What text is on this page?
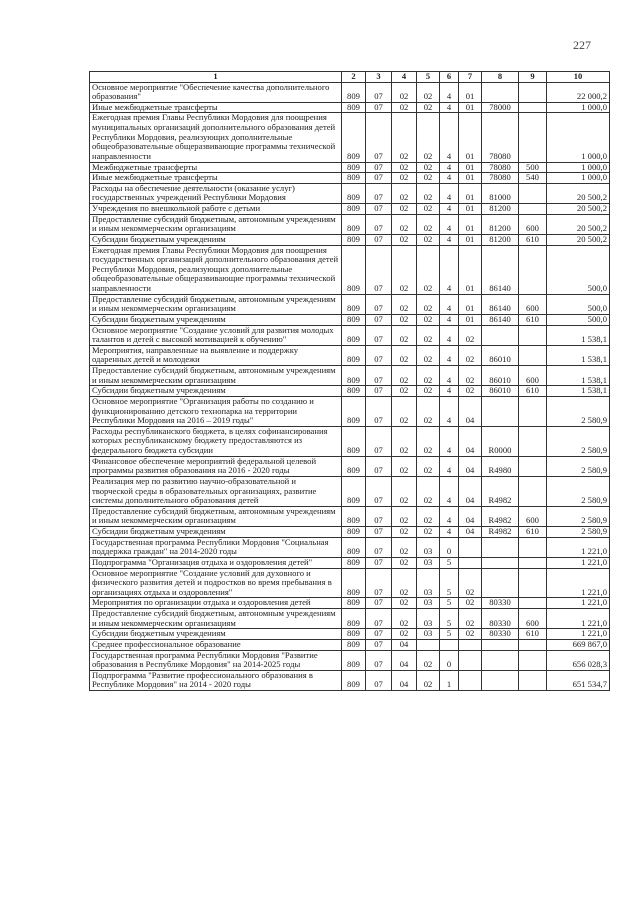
227
1	2	3	4	5	6	7	8	9	10
Основное мероприятие "Обеспечение качества дополнительного образования"	809	07	02	02	4	01			22 000,2
Иные межбюджетные трансферты	809	07	02	02	4	01	78000		1 000,0
Ежегодная премия Главы Республики Мордовия для поощрения муниципальных организаций дополнительного образования детей Республики Мордовия, реализующих дополнительные общеобразовательные общеразвивающие программы технической направленности	809	07	02	02	4	01	78080		1 000,0
Межбюджетные трансферты	809	07	02	02	4	01	78080	500	1 000,0
Иные межбюджетные трансферты	809	07	02	02	4	01	78080	540	1 000,0
Расходы на обеспечение деятельности (оказание услуг) государственных учреждений Республики Мордовия	809	07	02	02	4	01	81000		20 500,2
Учреждения по внешкольной работе с детьми	809	07	02	02	4	01	81200		20 500,2
Предоставление субсидий бюджетным, автономным учреждениям и иным некоммерческим организациям	809	07	02	02	4	01	81200	600	20 500,2
Субсидии бюджетным учреждениям	809	07	02	02	4	01	81200	610	20 500,2
Ежегодная премия Главы Республики Мордовия для поощрения государственных организаций дополнительного образования детей Республики Мордовия, реализующих дополнительные общеобразовательные общеразвивающие программы технической направленности	809	07	02	02	4	01	86140		500,0
Предоставление субсидий бюджетным, автономным учреждениям и иным некоммерческим организациям	809	07	02	02	4	01	86140	600	500,0
Субсидии бюджетным учреждениям	809	07	02	02	4	01	86140	610	500,0
Основное мероприятие "Создание условий для развития молодых талантов и детей с высокой мотивацией к обучению"	809	07	02	02	4	02			1 538,1
Мероприятия, направленные на выявление и поддержку одаренных детей и молодежи	809	07	02	02	4	02	86010		1 538,1
Предоставление субсидий бюджетным, автономным учреждениям и иным некоммерческим организациям	809	07	02	02	4	02	86010	600	1 538,1
Субсидии бюджетным учреждениям	809	07	02	02	4	02	86010	610	1 538,1
Основное мероприятие "Организация работы по созданию и функционированию детского технопарка на территории Республики Мордовия на 2016 – 2019 годы"	809	07	02	02	4	04			2 580,9
Расходы республиканского бюджета, в целях софинансирования которых республиканскому бюджету предоставляются из федерального бюджета субсидии	809	07	02	02	4	04	R0000		2 580,9
Финансовое обеспечение мероприятий федеральной целевой программы развития образования на 2016 - 2020 годы	809	07	02	02	4	04	R4980		2 580,9
Реализация мер по развитию научно-образовательной и творческой среды в образовательных организациях, развитие системы дополнительного образования детей	809	07	02	02	4	04	R4982		2 580,9
Предоставление субсидий бюджетным, автономным учреждениям и иным некоммерческим организациям	809	07	02	02	4	04	R4982	600	2 580,9
Субсидии бюджетным учреждениям	809	07	02	02	4	04	R4982	610	2 580,9
Государственная программа Республики Мордовия "Социальная поддержка граждан" на 2014-2020 годы	809	07	02	03	0				1 221,0
Подпрограмма "Организация отдыха и оздоровления детей"	809	07	02	03	5				1 221,0
Основное мероприятие "Создание условий для духовного и физического развития детей и подростков во время пребывания в организациях отдыха и оздоровления"	809	07	02	03	5	02			1 221,0
Мероприятия по организации отдыха и оздоровления детей	809	07	02	03	5	02	80330		1 221,0
Предоставление субсидий бюджетным, автономным учреждениям и иным некоммерческим организациям	809	07	02	03	5	02	80330	600	1 221,0
Субсидии бюджетным учреждениям	809	07	02	03	5	02	80330	610	1 221,0
Среднее профессиональное образование	809	07	04						669 867,0
Государственная программа Республики Мордовия "Развитие образования в Республике Мордовия" на 2014-2025 годы	809	07	04	02	0				656 028,3
Подпрограмма "Развитие профессионального образования в Республике Мордовия" на 2014 - 2020 годы	809	07	04	02	1				651 534,7
